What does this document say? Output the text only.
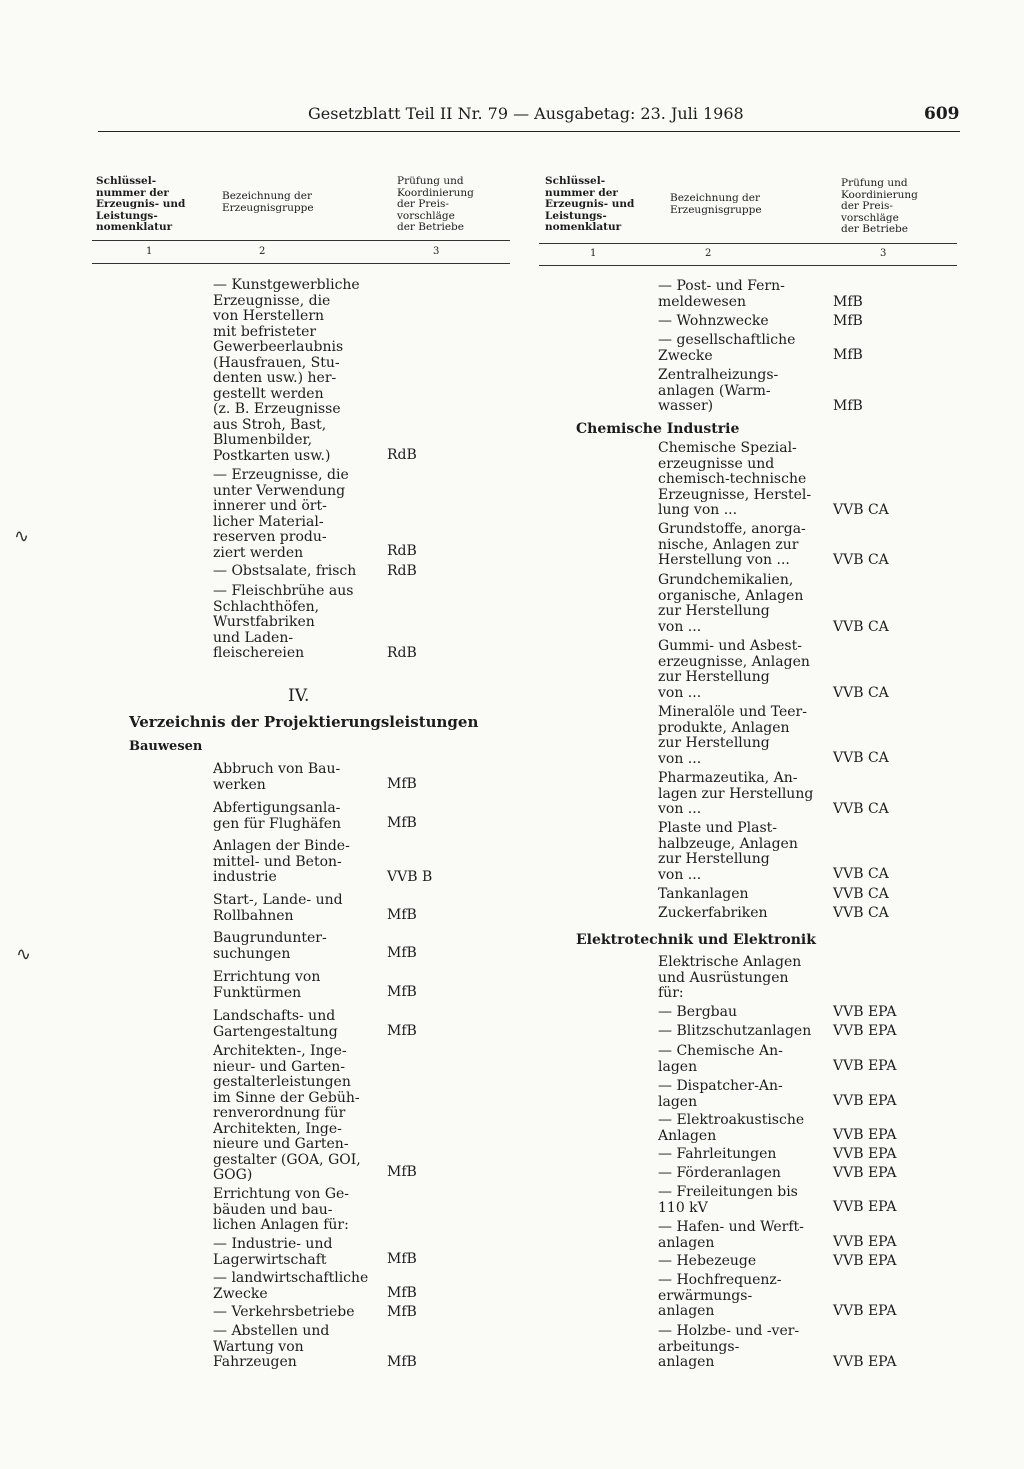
Gesetzblatt Teil II Nr. 79 — Ausgabetag: 23. Juli 1968	609
Schlüssel-
nummer der
Erzeugnis- und
Leistungs-
nomenklatur
Bezeichnung der
Erzeugnisgruppe
Prüfung und
Koordinierung
der Preis-
vorschläge
der Betriebe
1	2	3
— Kunstgewerbliche
Erzeugnisse, die
von Herstellern
mit befristeter
Gewerbeerlaubnis
(Hausfrauen, Stu-
denten usw.) her-
gestellt werden
(z. B. Erzeugnisse
aus Stroh, Bast,
Blumenbilder,
Postkarten usw.)	RdB
— Erzeugnisse, die
unter Verwendung
innerer und ört-
licher Material-
reserven produ-
ziert werden	RdB
— Obstsalate, frisch RdB
— Fleischbrühe aus
Schlachthöfen,
Wurstfabriken
und Laden-
fleischereien	RdB
IV.
Verzeichnis der Projektierungsleistungen
Bauwesen
Abbruch von Bau-
werken	MfB
Abfertigungsanla-
gen für Flughäfen	MfB
Anlagen der Binde-
mittel- und Beton-
industrie	VVB B
Start-, Lande- und
Rollbahnen	MfB
Baugrundunter-
suchungen	MfB
Errichtung von
Funktürmen	MfB
Landschafts- und
Gartengestaltung	MfB
Architekten-, Inge-
nieur- und Garten-
gestalterleistungen
im Sinne der Gebüh-
renverordnung für
Architekten, Inge-
nieure und Garten-
gestalter (GOA, GOI,
GOG)	MfB
Errichtung von Ge-
bäuden und bau-
lichen Anlagen für:
— Industrie- und
Lagerwirtschaft	MfB
— landwirtschaftliche
Zwecke	MfB
— Verkehrsbetriebe MfB
— Abstellen und
Wartung von
Fahrzeugen	MfB
Schlüssel-
nummer der
Erzeugnis- und
Leistungs-
nomenklatur
Bezeichnung der
Erzeugnisgruppe
Prüfung und
Koordinierung
der Preis-
vorschläge
der Betriebe
1	2	3
— Post- und Fern-
meldewesen	MfB
— Wohnzwecke	MfB
— gesellschaftliche
Zwecke	MfB
Zentralheizungs-
anlagen (Warm-
wasser)	MfB
Chemische Industrie
Chemische Spezial-
erzeugnisse und
chemisch-technische
Erzeugnisse, Herstel-
lung von ...	VVB CA
Grundstoffe, anorga-
nische, Anlagen zur
Herstellung von ...	VVB CA
Grundchemikalien,
organische, Anlagen
zur Herstellung
von ...	VVB CA
Gummi- und Asbest-
erzeugnisse, Anlagen
zur Herstellung
von ...	VVB CA
Mineralöle und Teer-
produkte, Anlagen
zur Herstellung
von ...	VVB CA
Pharmazeutika, An-
lagen zur Herstellung
von ...	VVB CA
Plaste und Plast-
halbzeuge, Anlagen
zur Herstellung
von ...	VVB CA
Tankanlagen	VVB CA
Zuckerfabriken	VVB CA
Elektrotechnik und Elektronik
Elektrische Anlagen
und Ausrüstungen
für:
— Bergbau	VVB EPA
— Blitzschutzanlagen VVB EPA
— Chemische An-
lagen	VVB EPA
— Dispatcher-An-
lagen	VVB EPA
— Elektroakustische
Anlagen	VVB EPA
— Fahrleitungen	VVB EPA
— Förderanlagen	VVB EPA
— Freileitungen bis
110 kV	VVB EPA
— Hafen- und Werft-
anlagen	VVB EPA
— Hebezeuge	VVB EPA
— Hochfrequenz-
erwärmungs-
anlagen	VVB EPA
— Holzbe- und -ver-
arbeitungs-
anlagen	VVB EPA
∿
∿
